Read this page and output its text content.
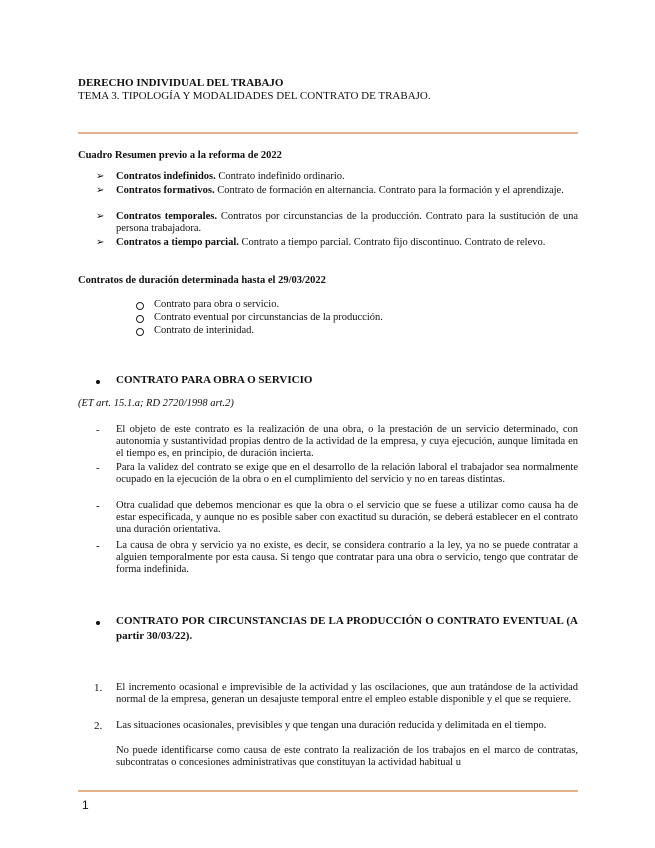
DERECHO INDIVIDUAL DEL TRABAJO
TEMA 3. TIPOLOGÍA Y MODALIDADES DEL CONTRATO DE TRABAJO.
Cuadro Resumen previo a la reforma de 2022
➢ Contratos indefinidos. Contrato indefinido ordinario.
➢ Contratos formativos. Contrato de formación en alternancia. Contrato para la formación y el aprendizaje.
➢ Contratos temporales. Contratos por circunstancias de la producción. Contrato para la sustitución de una persona trabajadora.
➢ Contratos a tiempo parcial. Contrato a tiempo parcial. Contrato fijo discontinuo. Contrato de relevo.
Contratos de duración determinada hasta el 29/03/2022
Contrato para obra o servicio.
Contrato eventual por circunstancias de la producción.
Contrato de interinidad.
CONTRATO PARA OBRA O SERVICIO
(ET art. 15.1.a; RD 2720/1998 art.2)
- El objeto de este contrato es la realización de una obra, o la prestación de un servicio determinado, con autonomía y sustantividad propias dentro de la actividad de la empresa, y cuya ejecución, aunque limitada en el tiempo es, en principio, de duración incierta.
- Para la validez del contrato se exige que en el desarrollo de la relación laboral el trabajador sea normalmente ocupado en la ejecución de la obra o en el cumplimiento del servicio y no en tareas distintas.
- Otra cualidad que debemos mencionar es que la obra o el servicio que se fuese a utilizar como causa ha de estar especificada, y aunque no es posible saber con exactitud su duración, se deberá establecer en el contrato una duración orientativa.
- La causa de obra y servicio ya no existe, es decir, se considera contrario a la ley, ya no se puede contratar a alguien temporalmente por esta causa. Si tengo que contratar para una obra o servicio, tengo que contratar de forma indefinida.
CONTRATO POR CIRCUNSTANCIAS DE LA PRODUCCIÓN O CONTRATO EVENTUAL (A partir 30/03/22).
1. El incremento ocasional e imprevisible de la actividad y las oscilaciones, que aun tratándose de la actividad normal de la empresa, generan un desajuste temporal entre el empleo estable disponible y el que se requiere.
2. Las situaciones ocasionales, previsibles y que tengan una duración reducida y delimitada en el tiempo.
No puede identificarse como causa de este contrato la realización de los trabajos en el marco de contratas, subcontratas o concesiones administrativas que constituyan la actividad habitual u
1
